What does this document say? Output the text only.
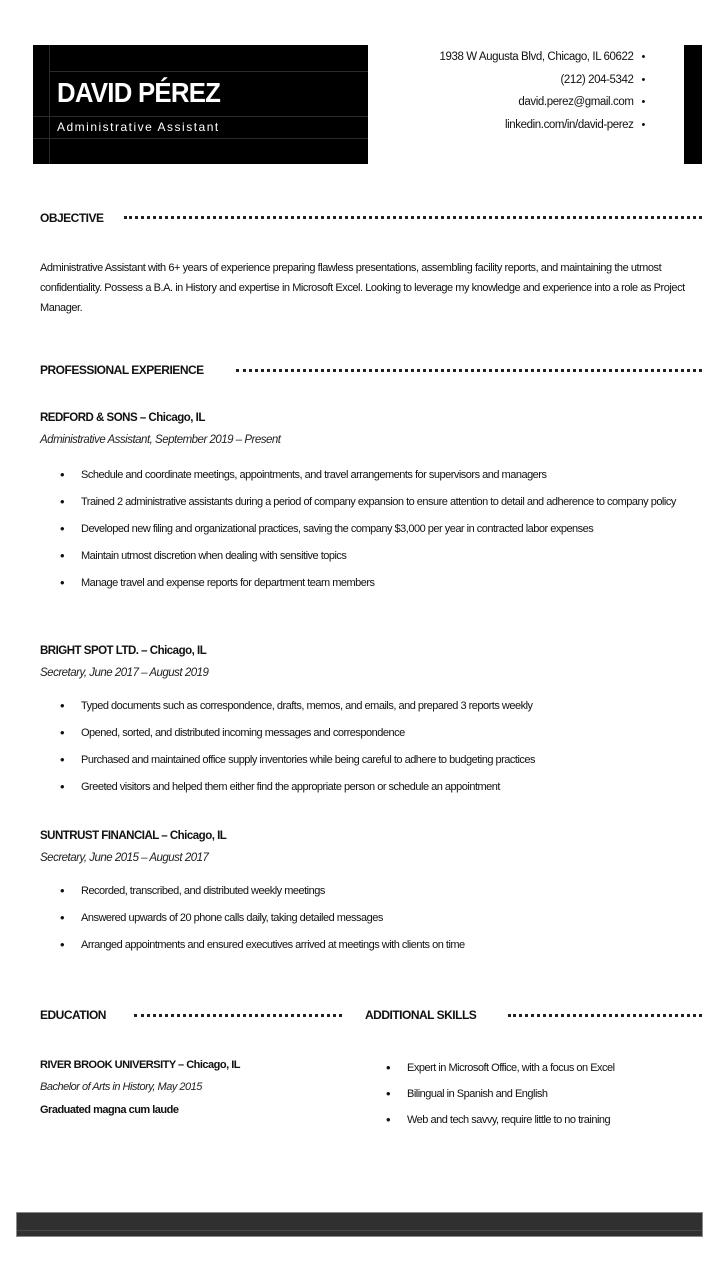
DAVID PÉREZ
Administrative Assistant
1938 W Augusta Blvd, Chicago, IL 60622 •
(212) 204-5342 •
david.perez@gmail.com •
linkedin.com/in/david-perez •
OBJECTIVE
Administrative Assistant with 6+ years of experience preparing flawless presentations, assembling facility reports, and maintaining the utmost confidentiality. Possess a B.A. in History and expertise in Microsoft Excel. Looking to leverage my knowledge and experience into a role as Project Manager.
PROFESSIONAL EXPERIENCE
REDFORD & SONS – Chicago, IL
Administrative Assistant, September 2019 – Present
• Schedule and coordinate meetings, appointments, and travel arrangements for supervisors and managers
• Trained 2 administrative assistants during a period of company expansion to ensure attention to detail and adherence to company policy
• Developed new filing and organizational practices, saving the company $3,000 per year in contracted labor expenses
• Maintain utmost discretion when dealing with sensitive topics
• Manage travel and expense reports for department team members
BRIGHT SPOT LTD. – Chicago, IL
Secretary, June 2017 – August 2019
• Typed documents such as correspondence, drafts, memos, and emails, and prepared 3 reports weekly
• Opened, sorted, and distributed incoming messages and correspondence
• Purchased and maintained office supply inventories while being careful to adhere to budgeting practices
• Greeted visitors and helped them either find the appropriate person or schedule an appointment
SUNTRUST FINANCIAL – Chicago, IL
Secretary, June 2015 – August 2017
• Recorded, transcribed, and distributed weekly meetings
• Answered upwards of 20 phone calls daily, taking detailed messages
• Arranged appointments and ensured executives arrived at meetings with clients on time
EDUCATION
RIVER BROOK UNIVERSITY – Chicago, IL
Bachelor of Arts in History, May 2015
Graduated magna cum laude
ADDITIONAL SKILLS
• Expert in Microsoft Office, with a focus on Excel
• Bilingual in Spanish and English
• Web and tech savvy, require little to no training
